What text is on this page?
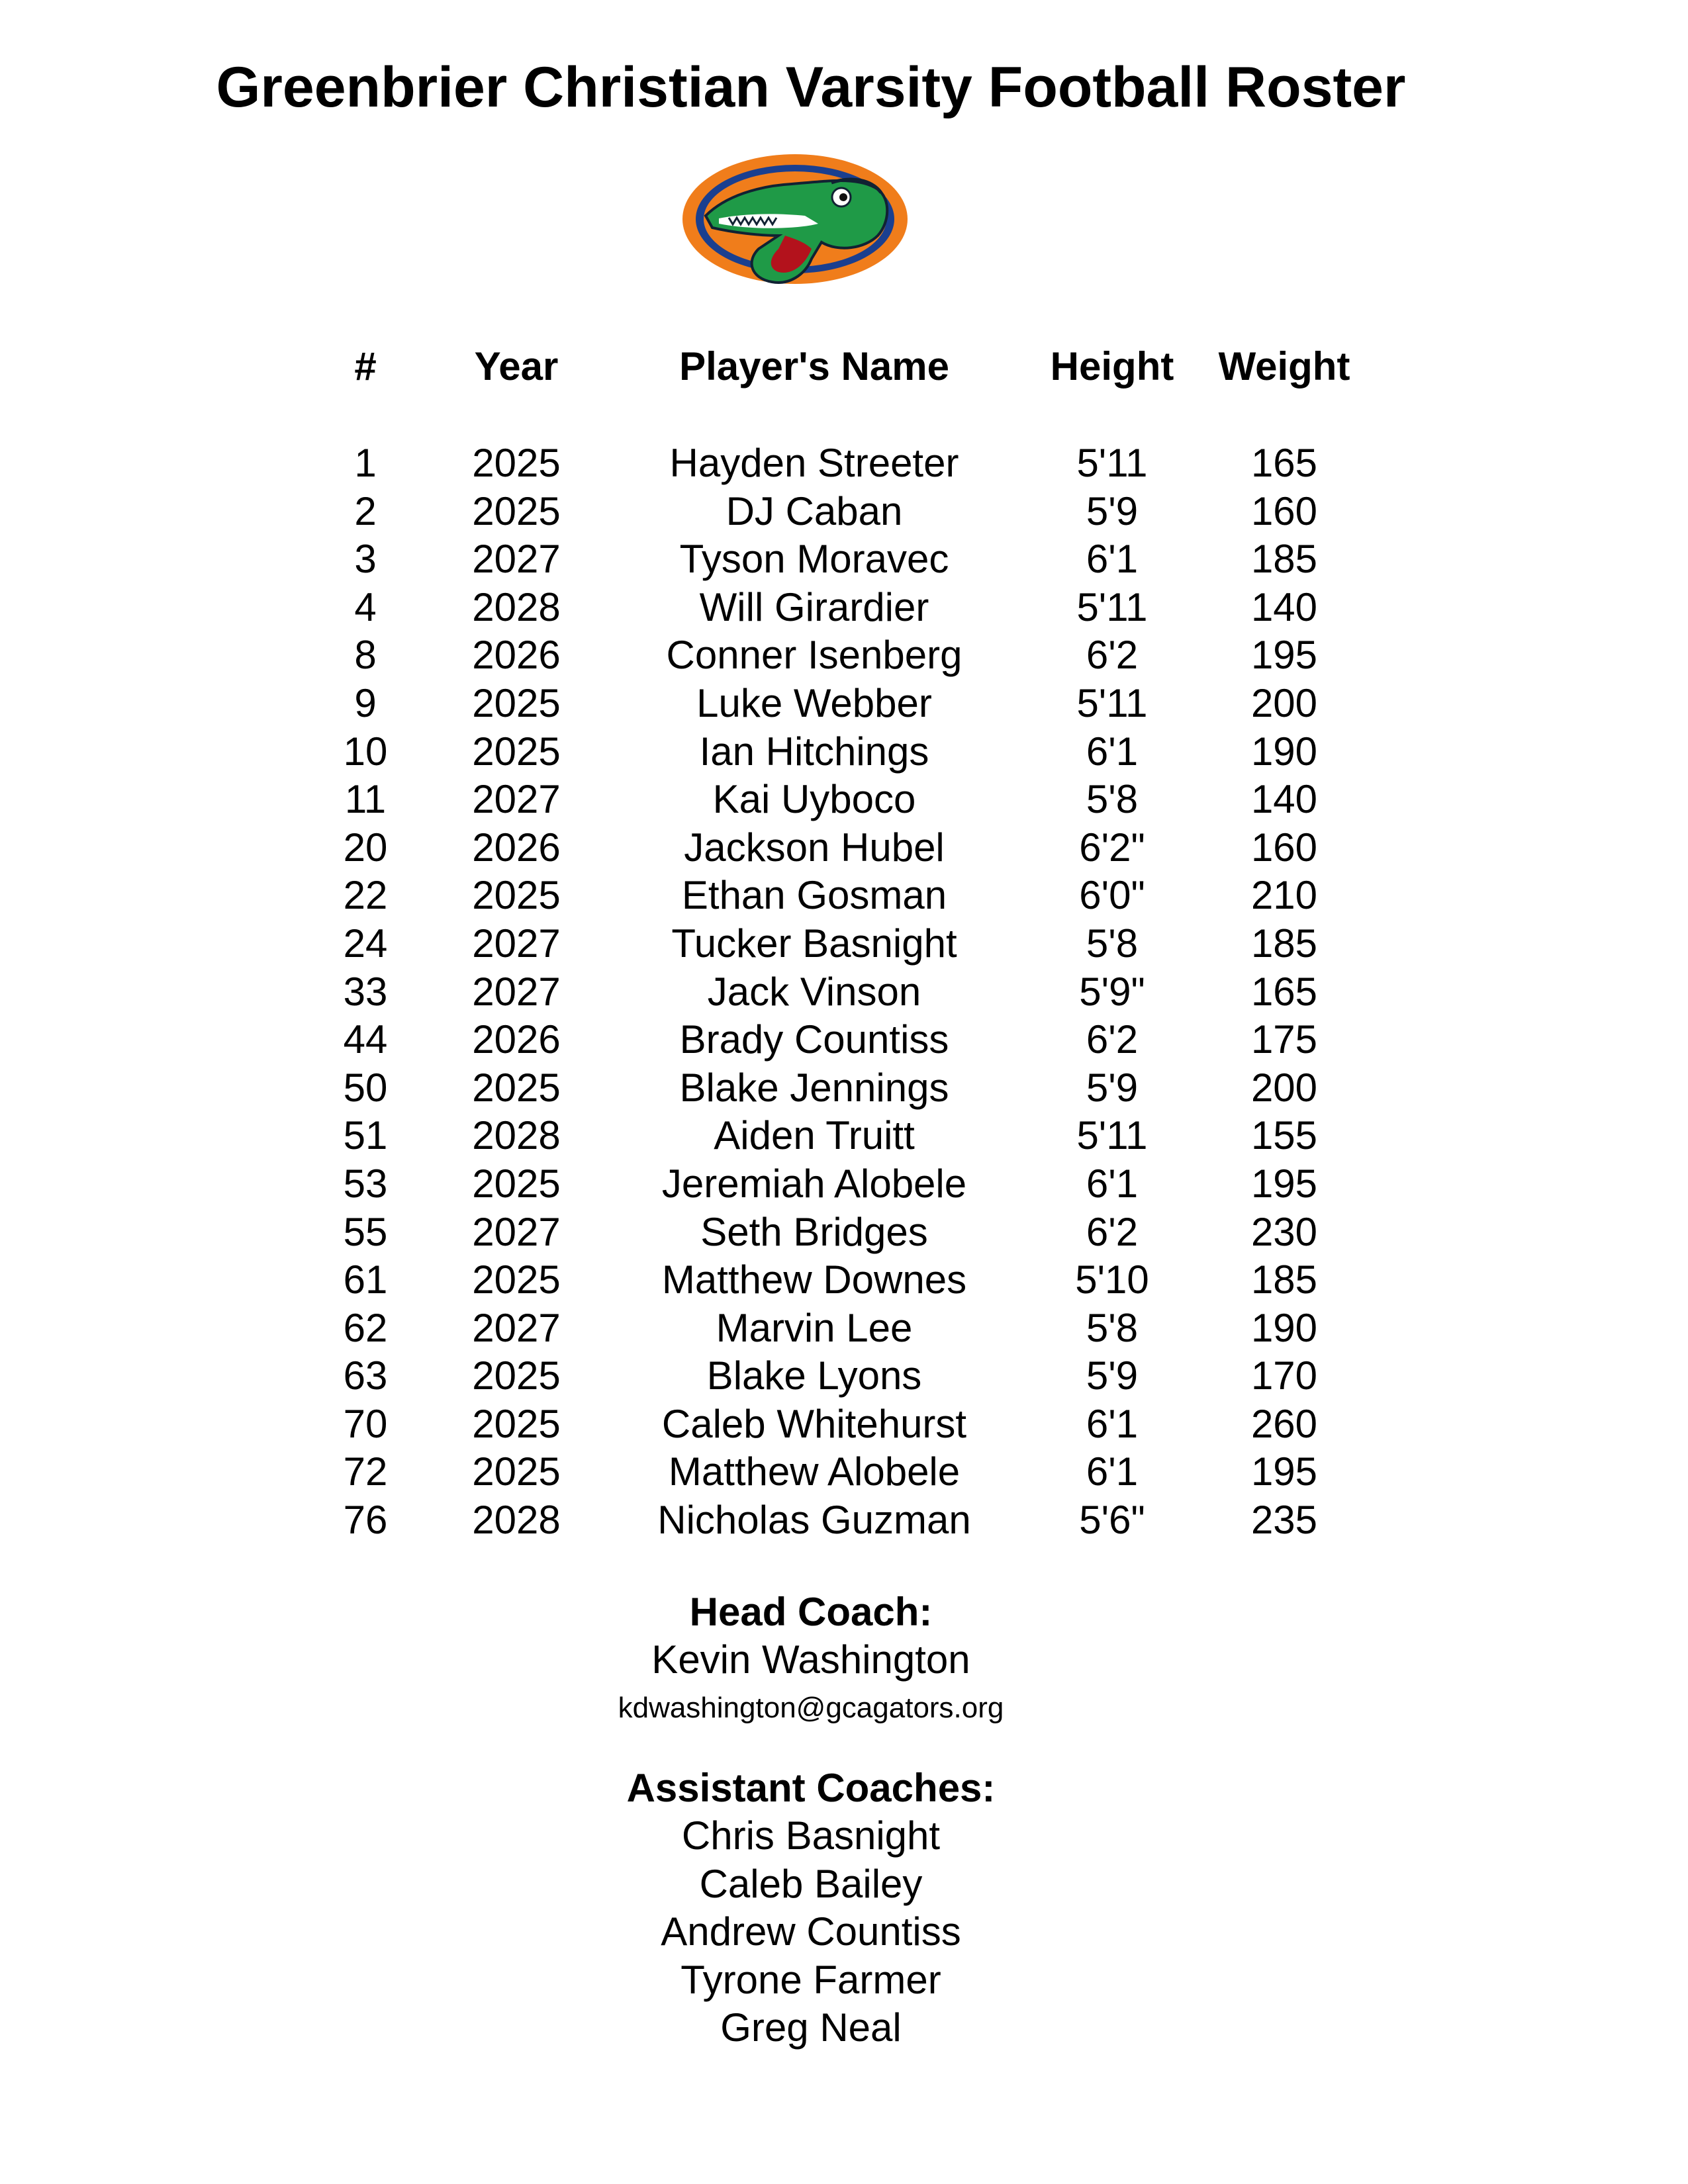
Greenbrier Christian Varsity Football Roster
#	Year	Player's Name	Height	Weight
1	2025	Hayden Streeter	5'11	165
2	2025	DJ Caban	5'9	160
3	2027	Tyson Moravec	6'1	185
4	2028	Will Girardier	5'11	140
8	2026	Conner Isenberg	6'2	195
9	2025	Luke Webber	5'11	200
10	2025	Ian Hitchings	6'1	190
11	2027	Kai Uyboco	5'8	140
20	2026	Jackson Hubel	6'2"	160
22	2025	Ethan Gosman	6'0"	210
24	2027	Tucker Basnight	5'8	185
33	2027	Jack Vinson	5'9"	165
44	2026	Brady Countiss	6'2	175
50	2025	Blake Jennings	5'9	200
51	2028	Aiden Truitt	5'11	155
53	2025	Jeremiah Alobele	6'1	195
55	2027	Seth Bridges	6'2	230
61	2025	Matthew Downes	5'10	185
62	2027	Marvin Lee	5'8	190
63	2025	Blake Lyons	5'9	170
70	2025	Caleb Whitehurst	6'1	260
72	2025	Matthew Alobele	6'1	195
76	2028	Nicholas Guzman	5'6"	235
Head Coach:
Kevin Washington
kdwashington@gcagators.org
Assistant Coaches:
Chris Basnight
Caleb Bailey
Andrew Countiss
Tyrone Farmer
Greg Neal
